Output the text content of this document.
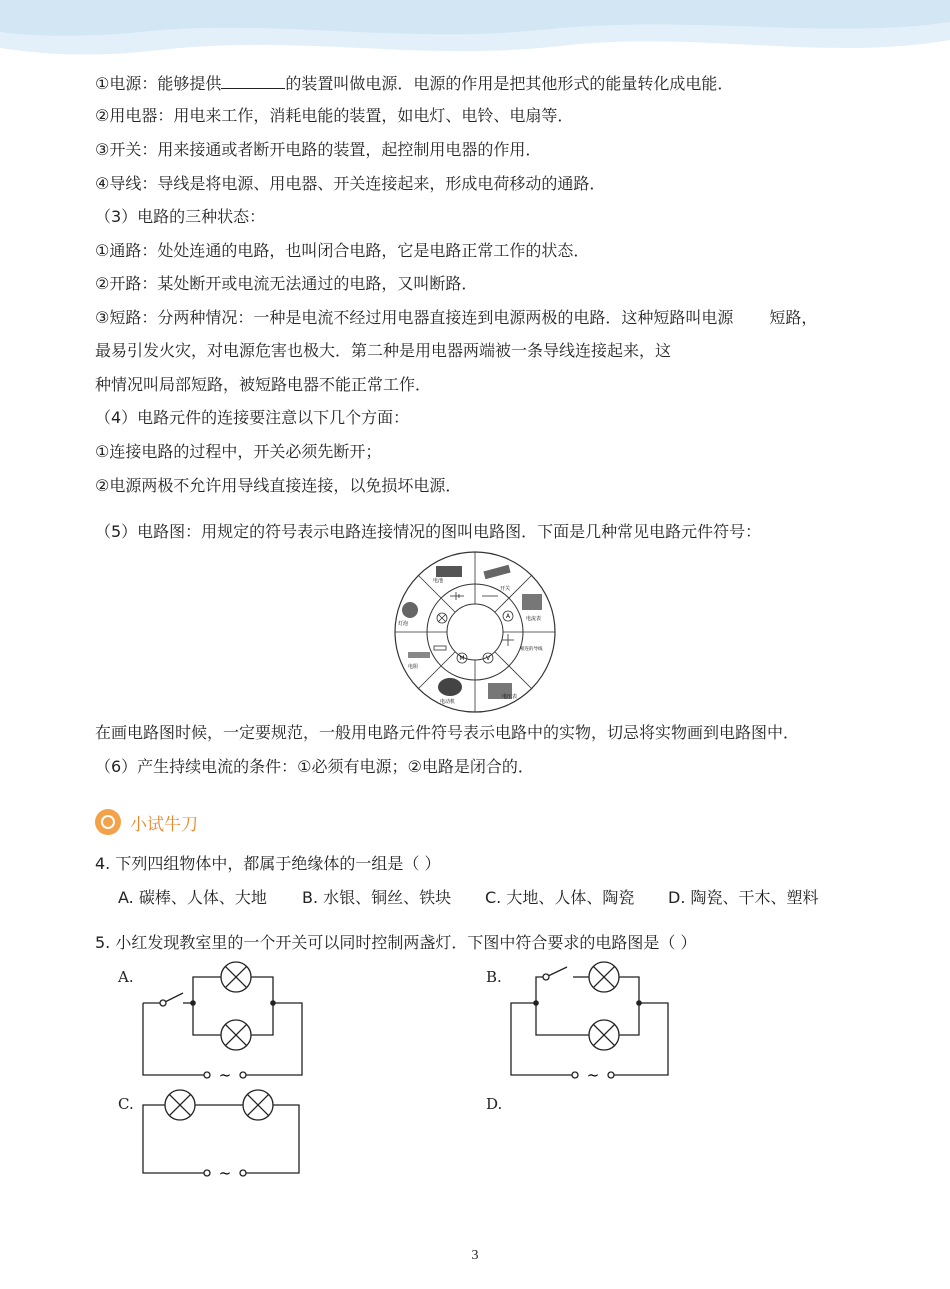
①电源：能够提供	的装置叫做电源．电源的作用是把其他形式的能量转化成电能．
②用电器：用电来工作，消耗电能的装置，如电灯、电铃、电扇等．
③开关：用来接通或者断开电路的装置，起控制用电器的作用．
④导线：导线是将电源、用电器、开关连接起来，形成电荷移动的通路．
（3）电路的三种状态：
①通路：处处连通的电路，也叫闭合电路，它是电路正常工作的状态．
②开路：某处断开或电流无法通过的电路，又叫断路．
③短路：分两种情况：一种是电流不经过用电器直接连到电源两极的电路．这种短路叫电源 短路，
最易引发火灾，对电源危害也极大．第二种是用电器两端被一条导线连接起来，这
种情况叫局部短路，被短路电器不能正常工作．
（4）电路元件的连接要注意以下几个方面：
①连接电路的过程中，开关必须先断开；
②电源两极不允许用导线直接连接，以免损坏电源．
（5）电路图：用规定的符号表示电路连接情况的图叫电路图．下面是几种常见电路元件符号：
电池
开关
电流表
相连的导线
电压表
电动机
电阻
灯泡
A
M	V
在画电路图时候，一定要规范，一般用电路元件符号表示电路中的实物，切忌将实物画到电路图中．
（6）产生持续电流的条件：①必须有电源；②电路是闭合的．
小试牛刀
4. 下列四组物体中，都属于绝缘体的一组是（ ）
A. 碳棒、人体、大地 B. 水银、铜丝、铁块 C. 大地、人体、陶瓷 D. 陶瓷、干木、塑料
5. 小红发现教室里的一个开关可以同时控制两盏灯．下图中符合要求的电路图是（ ）
A.	B.
C.	D.
~	~
~
3
